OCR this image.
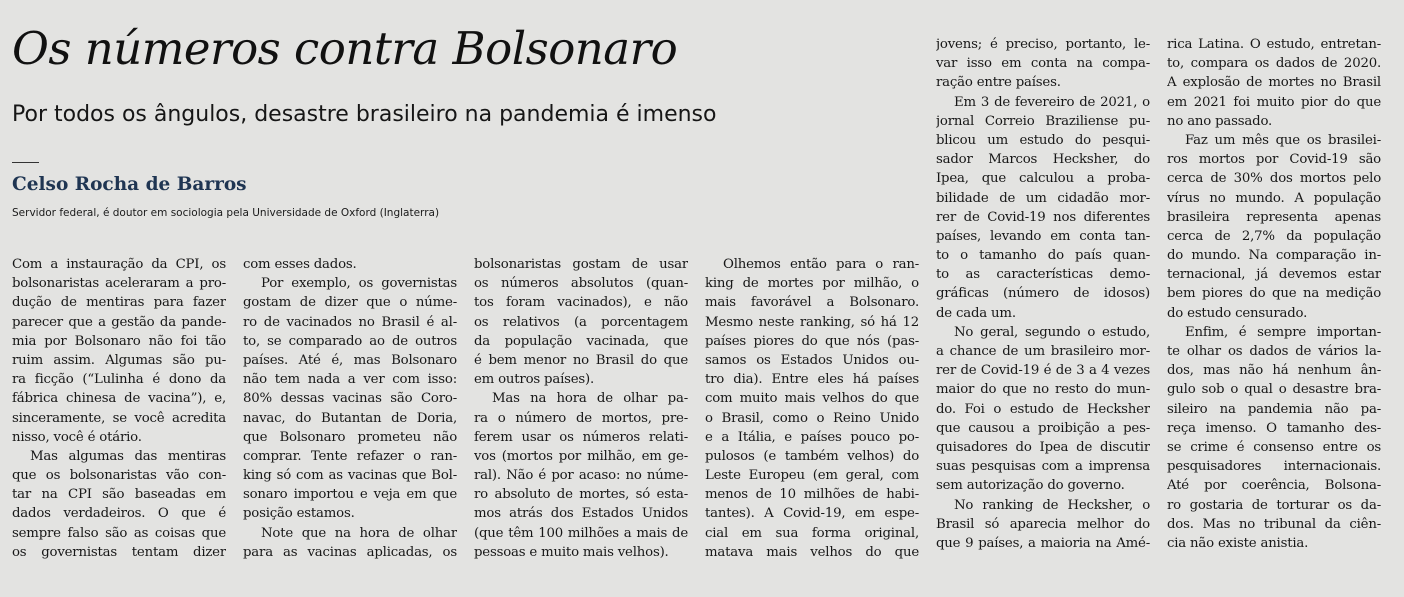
Os números contra Bolsonaro
Por todos os ângulos, desastre brasileiro na pandemia é imenso
Celso Rocha de Barros
Servidor federal, é doutor em sociologia pela Universidade de Oxford (Inglaterra)
Com a instauração da CPI, os
bolsonaristas aceleraram a pro-
dução de mentiras para fazer
parecer que a gestão da pande-
mia por Bolsonaro não foi tão
ruim assim. Algumas são pu-
ra ficção (“Lulinha é dono da
fábrica chinesa de vacina”), e,
sinceramente, se você acredita
nisso, você é otário.
Mas algumas das mentiras
que os bolsonaristas vão con-
tar na CPI são baseadas em
dados verdadeiros. O que é
sempre falso são as coisas que
os governistas tentam dizer
com esses dados.
Por exemplo, os governistas
gostam de dizer que o núme-
ro de vacinados no Brasil é al-
to, se comparado ao de outros
países. Até é, mas Bolsonaro
não tem nada a ver com isso:
80% dessas vacinas são Coro-
navac, do Butantan de Doria,
que Bolsonaro prometeu não
comprar. Tente refazer o ran-
king só com as vacinas que Bol-
sonaro importou e veja em que
posição estamos.
Note que na hora de olhar
para as vacinas aplicadas, os
bolsonaristas gostam de usar
os números absolutos (quan-
tos foram vacinados), e não
os relativos (a porcentagem
da população vacinada, que
é bem menor no Brasil do que
em outros países).
Mas na hora de olhar pa-
ra o número de mortos, pre-
ferem usar os números relati-
vos (mortos por milhão, em ge-
ral). Não é por acaso: no núme-
ro absoluto de mortes, só esta-
mos atrás dos Estados Unidos
(que têm 100 milhões a mais de
pessoas e muito mais velhos).
Olhemos então para o ran-
king de mortes por milhão, o
mais favorável a Bolsonaro.
Mesmo neste ranking, só há 12
países piores do que nós (pas-
samos os Estados Unidos ou-
tro dia). Entre eles há países
com muito mais velhos do que
o Brasil, como o Reino Unido
e a Itália, e países pouco po-
pulosos (e também velhos) do
Leste Europeu (em geral, com
menos de 10 milhões de habi-
tantes). A Covid-19, em espe-
cial em sua forma original,
matava mais velhos do que
jovens; é preciso, portanto, le-
var isso em conta na compa-
ração entre países.
Em 3 de fevereiro de 2021, o
jornal Correio Braziliense pu-
blicou um estudo do pesqui-
sador Marcos Hecksher, do
Ipea, que calculou a proba-
bilidade de um cidadão mor-
rer de Covid-19 nos diferentes
países, levando em conta tan-
to o tamanho do país quan-
to as características demo-
gráficas (número de idosos)
de cada um.
No geral, segundo o estudo,
a chance de um brasileiro mor-
rer de Covid-19 é de 3 a 4 vezes
maior do que no resto do mun-
do. Foi o estudo de Hecksher
que causou a proibição a pes-
quisadores do Ipea de discutir
suas pesquisas com a imprensa
sem autorização do governo.
No ranking de Hecksher, o
Brasil só aparecia melhor do
que 9 países, a maioria na Amé-
rica Latina. O estudo, entretan-
to, compara os dados de 2020.
A explosão de mortes no Brasil
em 2021 foi muito pior do que
no ano passado.
Faz um mês que os brasilei-
ros mortos por Covid-19 são
cerca de 30% dos mortos pelo
vírus no mundo. A população
brasileira representa apenas
cerca de 2,7% da população
do mundo. Na comparação in-
ternacional, já devemos estar
bem piores do que na medição
do estudo censurado.
Enfim, é sempre importan-
te olhar os dados de vários la-
dos, mas não há nenhum ân-
gulo sob o qual o desastre bra-
sileiro na pandemia não pa-
reça imenso. O tamanho des-
se crime é consenso entre os
pesquisadores internacionais.
Até por coerência, Bolsona-
ro gostaria de torturar os da-
dos. Mas no tribunal da ciên-
cia não existe anistia.
